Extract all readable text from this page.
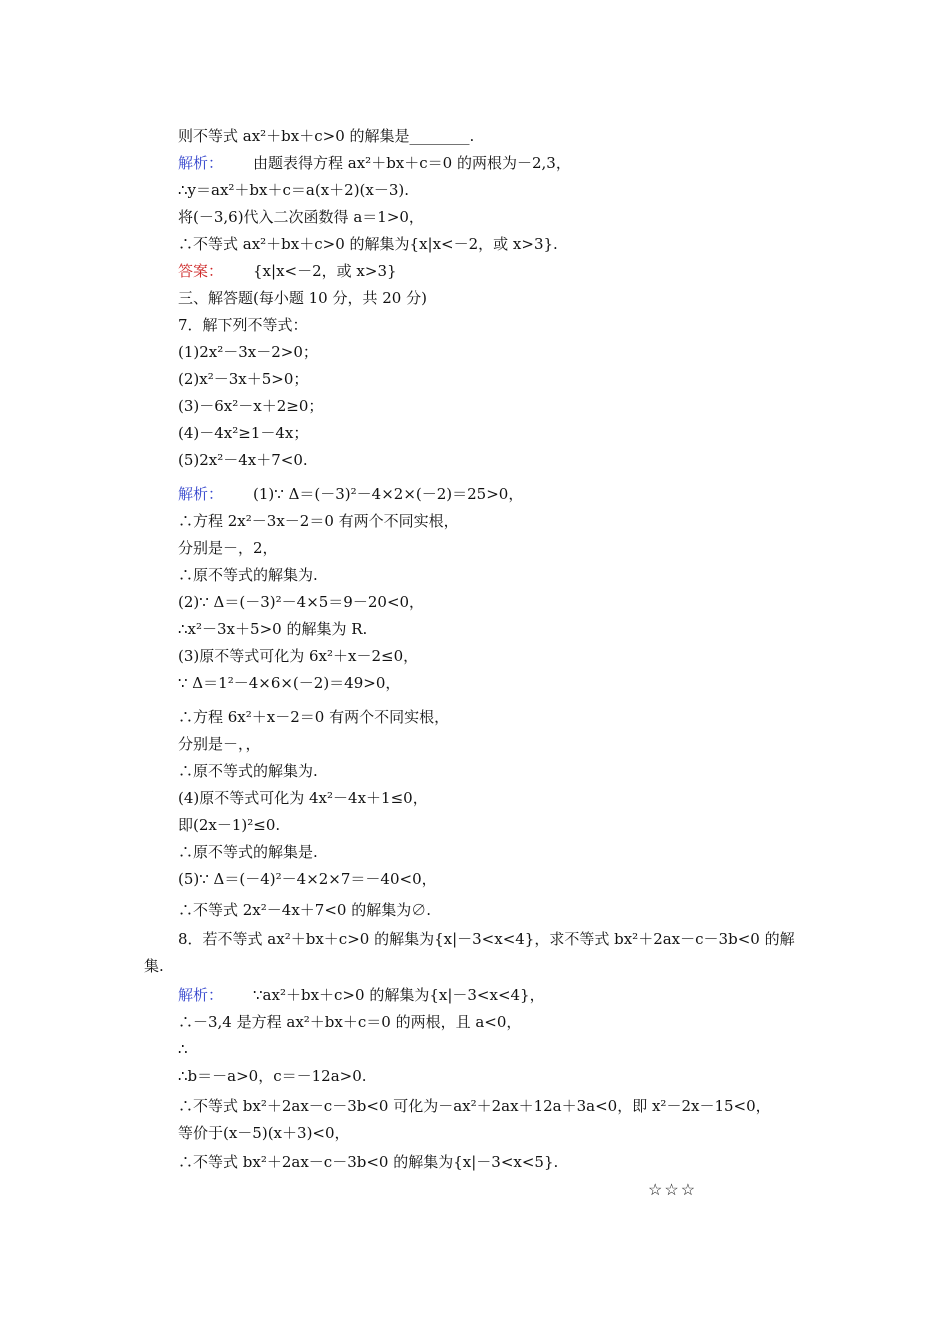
则不等式 ax²＋bx＋c>0 的解集是________.
解析： 由题表得方程 ax²＋bx＋c＝0 的两根为－2,3，
∴y＝ax²＋bx＋c＝a(x＋2)(x－3).
将(－3,6)代入二次函数得 a＝1>0，
∴不等式 ax²＋bx＋c>0 的解集为{x|x<－2，或 x>3}.
答案： {x|x<－2，或 x>3}
三、解答题(每小题 10 分，共 20 分)
7．解下列不等式：
(1)2x²－3x－2>0；
(2)x²－3x＋5>0；
(3)－6x²－x＋2≥0；
(4)－4x²≥1－4x；
(5)2x²－4x＋7<0.
解析： (1)∵ Δ＝(－3)²－4×2×(－2)＝25>0，
∴方程 2x²－3x－2＝0 有两个不同实根，
分别是－，2，
∴原不等式的解集为.
(2)∵ Δ＝(－3)²－4×5＝9－20<0，
∴x²－3x＋5>0 的解集为 R.
(3)原不等式可化为 6x²＋x－2≤0，
∵ Δ＝1²－4×6×(－2)＝49>0，
∴方程 6x²＋x－2＝0 有两个不同实根，
分别是－，，
∴原不等式的解集为.
(4)原不等式可化为 4x²－4x＋1≤0，
即(2x－1)²≤0.
∴原不等式的解集是.
(5)∵ Δ＝(－4)²－4×2×7＝－40<0，
∴不等式 2x²－4x＋7<0 的解集为∅.
8．若不等式 ax²＋bx＋c>0 的解集为{x|－3<x<4}，求不等式 bx²＋2ax－c－3b<0 的解
集.
解析： ∵ax²＋bx＋c>0 的解集为{x|－3<x<4}，
∴－3,4 是方程 ax²＋bx＋c＝0 的两根，且 a<0，
∴
∴b＝－a>0，c＝－12a>0.
∴不等式 bx²＋2ax－c－3b<0 可化为－ax²＋2ax＋12a＋3a<0，即 x²－2x－15<0，
等价于(x－5)(x＋3)<0，
∴不等式 bx²＋2ax－c－3b<0 的解集为{x|－3<x<5}.
☆☆☆
